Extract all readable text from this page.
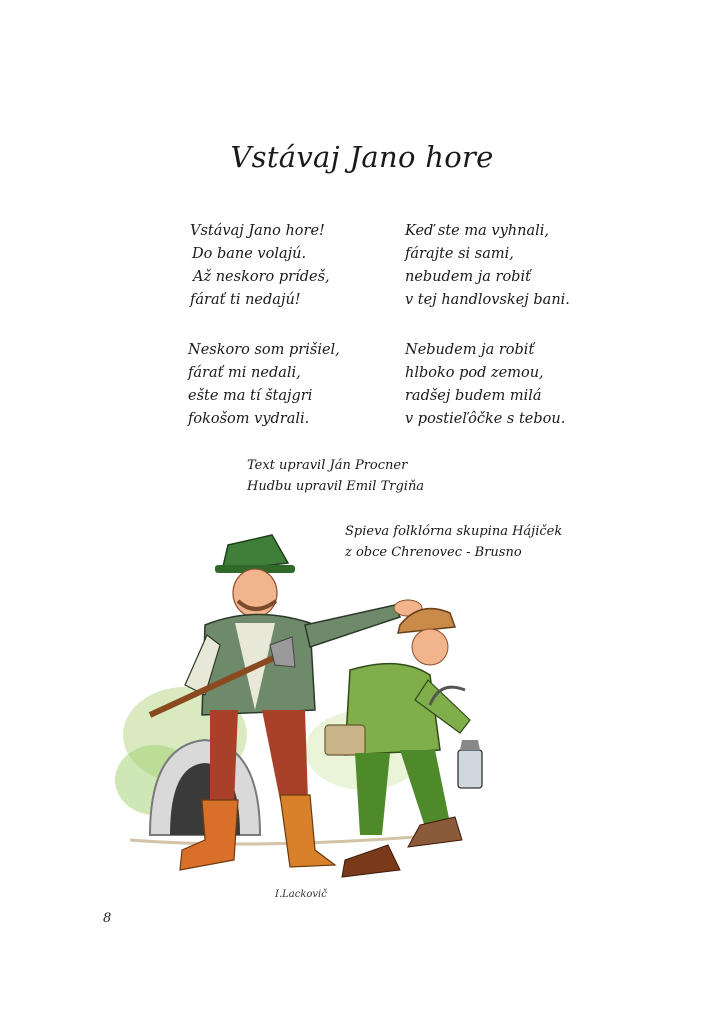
Vstávaj Jano hore
Vstávaj Jano hore!
Do bane volajú.
Až neskoro prídeš,
fárať ti nedajú!
Keď ste ma vyhnali,
fárajte si sami,
nebudem ja robiť
v tej handlovskej bani.
Neskoro som prišiel,
fárať mi nedali,
ešte ma tí štajgri
fokošom vydrali.
Nebudem ja robiť
hlboko pod zemou,
radšej budem milá
v postieľôčke s tebou.
Text upravil Ján Procner
Hudbu upravil Emil Trgiňa
Spieva folklórna skupina Hájiček
z obce Chrenovec - Brusno
I.Lackovič
8
